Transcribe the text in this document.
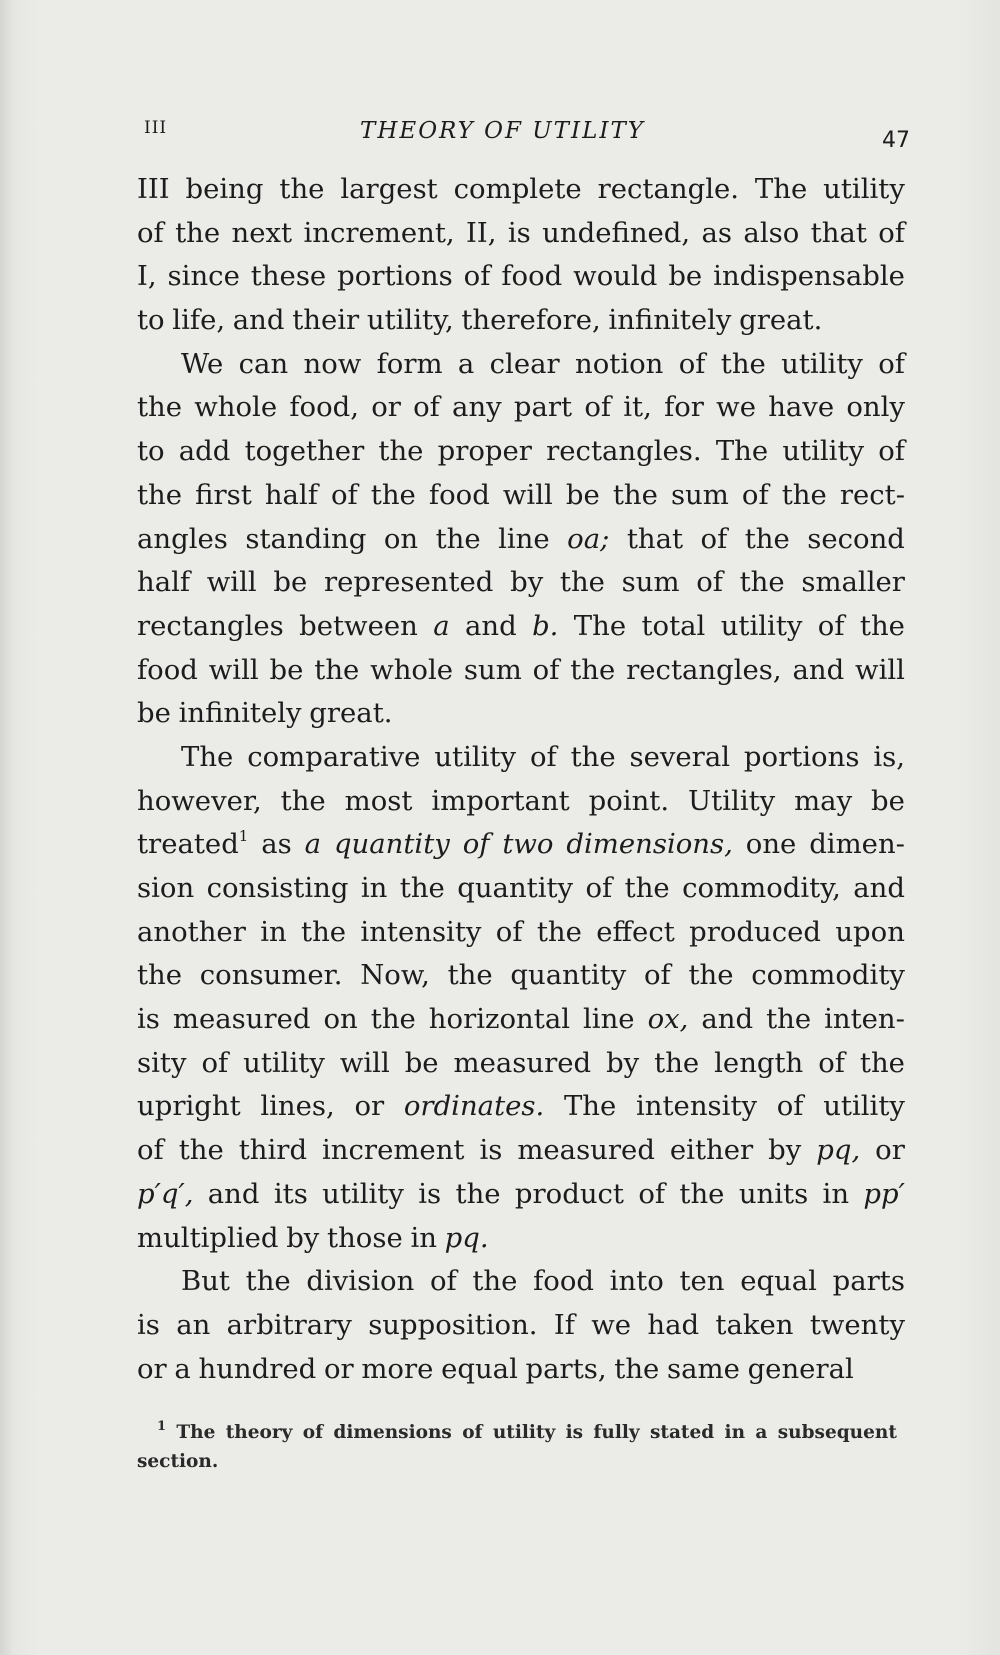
III	THEORY OF UTILITY	47
III being the largest complete rectangle. The utility
of the next increment, II, is undefined, as also that of
I, since these portions of food would be indispensable
to life, and their utility, therefore, infinitely great.
We can now form a clear notion of the utility of
the whole food, or of any part of it, for we have only
to add together the proper rectangles. The utility of
the first half of the food will be the sum of the rect-
angles standing on the line oa; that of the second
half will be represented by the sum of the smaller
rectangles between a and b. The total utility of the
food will be the whole sum of the rectangles, and will
be infinitely great.
The comparative utility of the several portions is,
however, the most important point. Utility may be
treated$^1$ as a quantity of two dimensions, one dimen-
sion consisting in the quantity of the commodity, and
another in the intensity of the effect produced upon
the consumer. Now, the quantity of the commodity
is measured on the horizontal line ox, and the inten-
sity of utility will be measured by the length of the
upright lines, or ordinates. The intensity of utility
of the third increment is measured either by pq, or
p′q′, and its utility is the product of the units in pp′
multiplied by those in pq.
But the division of the food into ten equal parts
is an arbitrary supposition. If we had taken twenty
or a hundred or more equal parts, the same general
$^1$ The theory of dimensions of utility is fully stated in a subsequent
section.
